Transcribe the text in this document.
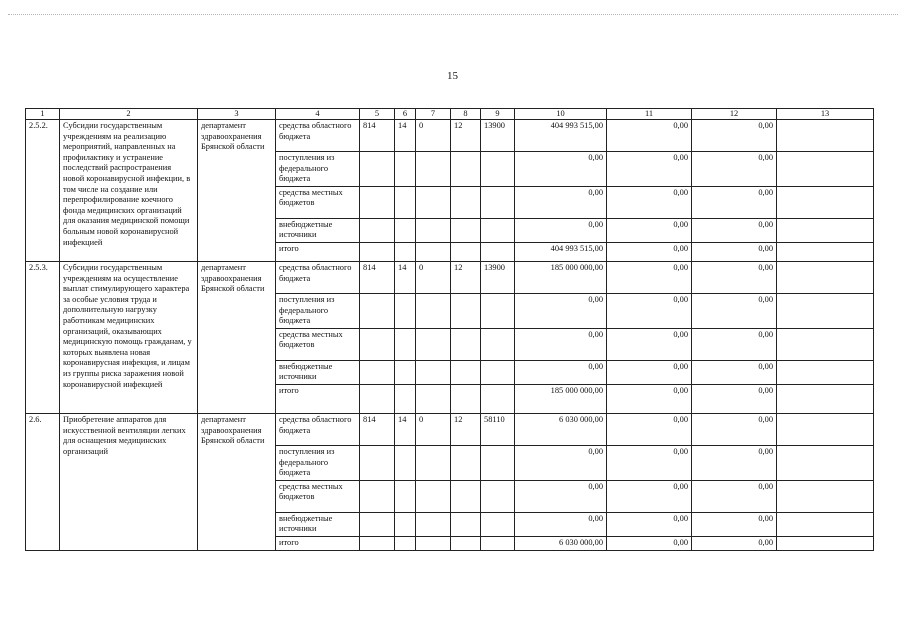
15
1	2	3	4	5	6	7	8	9	10	11	12	13
2.5.2.	Субсидии государственным учреждениям на реализацию мероприятий, направленных на профилактику и устранение последствий распространения новой коронавирусной инфекции, в том числе на создание или перепрофилирование коечного фонда медицинских организаций для оказания медицинской помощи больным новой коронавирусной инфекцией	департамент здравоохранения Брянской области	средства областного бюджета	814	14	0	12	13900	404 993 515,00	0,00	0,00	
			поступления из федерального бюджета						0,00	0,00	0,00	
			средства местных бюджетов						0,00	0,00	0,00	
			внебюджетные источники						0,00	0,00	0,00	
			итого						404 993 515,00	0,00	0,00	
2.5.3.	Субсидии государственным учреждениям на осуществление выплат стимулирующего характера за особые условия труда и дополнительную нагрузку работникам медицинских организаций, оказывающих медицинскую помощь гражданам, у которых выявлена новая коронавирусная инфекция, и лицам из группы риска заражения новой коронавирусной инфекцией	департамент здравоохранения Брянской области	средства областного бюджета	814	14	0	12	13900	185 000 000,00	0,00	0,00	
			поступления из федерального бюджета						0,00	0,00	0,00	
			средства местных бюджетов						0,00	0,00	0,00	
			внебюджетные источники						0,00	0,00	0,00	
			итого						185 000 000,00	0,00	0,00	
2.6.	Приобретение аппаратов для искусственной вентиляции легких для оснащения медицинских организаций	департамент здравоохранения Брянской области	средства областного бюджета	814	14	0	12	58110	6 030 000,00	0,00	0,00	
			поступления из федерального бюджета						0,00	0,00	0,00	
			средства местных бюджетов						0,00	0,00	0,00	
			внебюджетные источники						0,00	0,00	0,00	
			итого						6 030 000,00	0,00	0,00	
